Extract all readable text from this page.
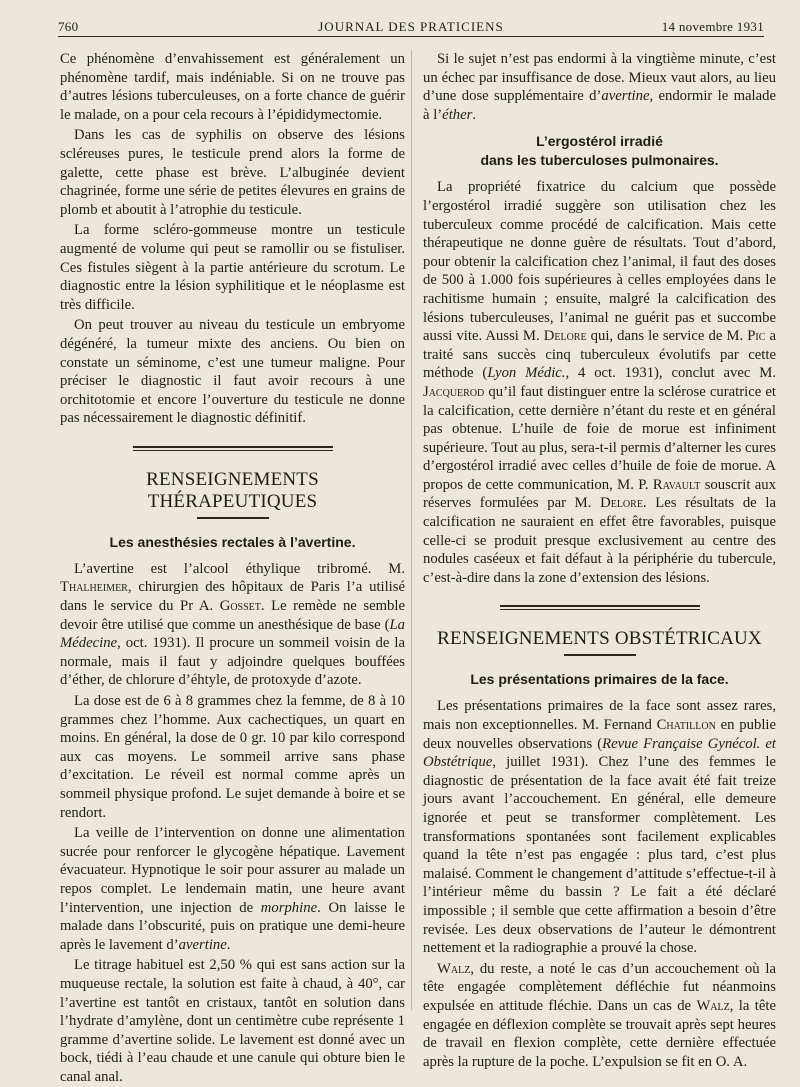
760	JOURNAL DES PRATICIENS	14 novembre 1931

Ce phénomène d’envahissement est généralement un phénomène tardif, mais indéniable. Si on ne trouve pas d’autres lésions tuberculeuses, on a forte chance de guérir le malade, on a pour cela recours à l’épididymectomie.

Dans les cas de syphilis on observe des lésions scléreuses pures, le testicule prend alors la forme de galette, cette phase est brève. L’albuginée devient chagrinée, forme une série de petites élevures en grains de plomb et aboutit à l’atrophie du testicule.

La forme scléro-gommeuse montre un testicule augmenté de volume qui peut se ramollir ou se fistuliser. Ces fistules siègent à la partie antérieure du scrotum. Le diagnostic entre la lésion syphilitique et le néoplasme est très difficile.

On peut trouver au niveau du testicule un embryome dégénéré, la tumeur mixte des anciens. Ou bien on constate un séminome, c’est une tumeur maligne. Pour préciser le diagnostic il faut avoir recours à une orchitotomie et encore l’ouverture du testicule ne donne pas nécessairement le diagnostic définitif.

RENSEIGNEMENTS THÉRAPEUTIQUES
Les anesthésies rectales à l’avertine.

L’avertine est l’alcool éthylique tribromé. M. Thalheimer, chirurgien des hôpitaux de Paris l’a utilisé dans le service du Pr A. Gosset. Le remède ne semble devoir être utilisé que comme un anesthésique de base (La Médecine, oct. 1931). Il procure un sommeil voisin de la normale, mais il faut y adjoindre quelques bouffées d’éther, de chlorure d’éhtyle, de protoxyde d’azote.

La dose est de 6 à 8 grammes chez la femme, de 8 à 10 grammes chez l’homme. Aux cachectiques, un quart en moins. En général, la dose de 0 gr. 10 par kilo correspond aux cas moyens. Le sommeil arrive sans phase d’excitation. Le réveil est normal comme après un sommeil physique profond. Le sujet demande à boire et se rendort.

La veille de l’intervention on donne une alimentation sucrée pour renforcer le glycogène hépatique. Lavement évacuateur. Hypnotique le soir pour assurer au malade un repos complet. Le lendemain matin, une heure avant l’intervention, une injection de morphine. On laisse le malade dans l’obscurité, puis on pratique une demi-heure après le lavement d’avertine.

Le titrage habituel est 2,50 % qui est sans action sur la muqueuse rectale, la solution est faite à chaud, à 40°, car l’avertine est tantôt en cristaux, tantôt en solution dans l’hydrate d’amylène, dont un centimètre cube représente 1 gramme d’avertine solide. Le lavement est donné avec un bock, tiédi à l’eau chaude et une canule qui obture bien le canal anal.

Si le sujet n’est pas endormi à la vingtième minute, c’est un échec par insuffisance de dose. Mieux vaut alors, au lieu d’une dose supplémentaire d’avertine, endormir le malade à l’éther.

L’ergostérol irradié
dans les tuberculoses pulmonaires.

La propriété fixatrice du calcium que possède l’ergostérol irradié suggère son utilisation chez les tuberculeux comme procédé de calcification. Mais cette thérapeutique ne donne guère de résultats. Tout d’abord, pour obtenir la calcification chez l’animal, il faut des doses de 500 à 1.000 fois supérieures à celles employées dans le rachitisme humain ; ensuite, malgré la calcification des lésions tuberculeuses, l’animal ne guérit pas et succombe aussi vite. Aussi M. Delore qui, dans le service de M. Pic a traité sans succès cinq tuberculeux évolutifs par cette méthode (Lyon Médic., 4 oct. 1931), conclut avec M. Jacquerod qu’il faut distinguer entre la sclérose curatrice et la calcification, cette dernière n’étant du reste et en général pas obtenue. L’huile de foie de morue est infiniment supérieure. Tout au plus, sera-t-il permis d’alterner les cures d’ergostérol irradié avec celles d’huile de foie de morue. A propos de cette communication, M. P. Ravault souscrit aux réserves formulées par M. Delore. Les résultats de la calcification ne sauraient en effet être favorables, puisque celle-ci se produit presque exclusivement au centre des nodules caséeux et fait défaut à la périphérie du tubercule, c’est-à-dire dans la zone d’extension des lésions.

RENSEIGNEMENTS OBSTÉTRICAUX
Les présentations primaires de la face.

Les présentations primaires de la face sont assez rares, mais non exceptionnelles. M. Fernand Chatillon en publie deux nouvelles observations (Revue Française Gynécol. et Obstétrique, juillet 1931). Chez l’une des femmes le diagnostic de présentation de la face avait été fait treize jours avant l’accouchement. En général, elle demeure ignorée et peut se transformer complètement. Les transformations spontanées sont facilement explicables quand la tête n’est pas engagée : plus tard, c’est plus malaisé. Comment le changement d’attitude s’effectue-t-il à l’intérieur même du bassin ? Le fait a été déclaré impossible ; il semble que cette affirmation a besoin d’être revisée. Les deux observations de l’auteur le démontrent nettement et la radiographie a prouvé la chose.

Walz, du reste, a noté le cas d’un accouchement où la tête engagée complètement défléchie fut néanmoins expulsée en attitude fléchie. Dans un cas de Walz, la tête engagée en déflexion complète se trouvait après sept heures de travail en flexion complète, cette dernière effectuée après la rupture de la poche. L’expulsion se fit en O. A.
